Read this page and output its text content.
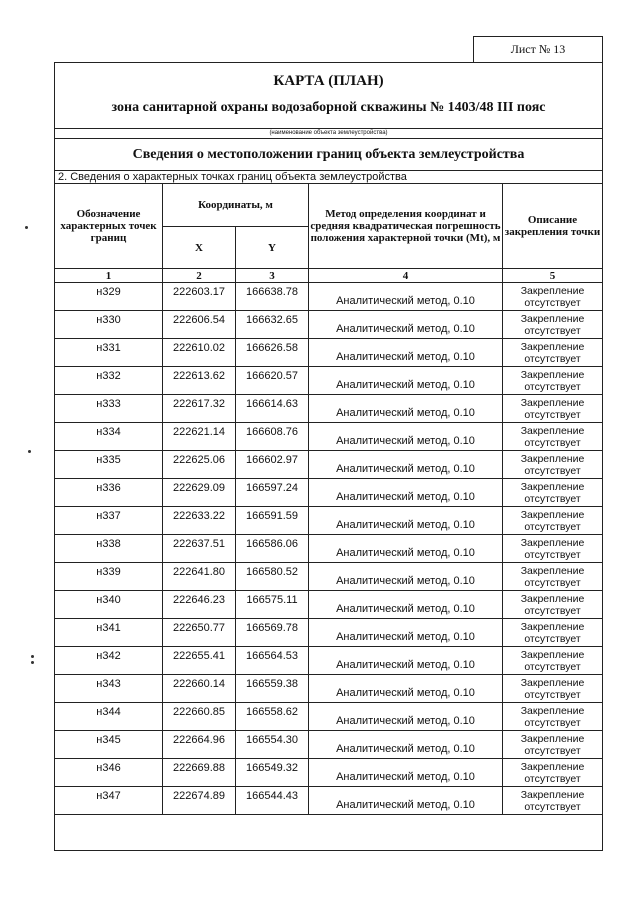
Лист № 13
КАРТА (ПЛАН)
зона санитарной охраны водозаборной скважины № 1403/48 III пояс
(наименование объекта землеустройства)
Сведения о местоположении границ объекта землеустройства
2. Сведения о характерных точках границ объекта землеустройства
Обозначение характерных точек границ	Координаты, м		Метод определения координат и средняя квадратическая погрешность положения характерной точки (Mt), м	Описание закрепления точки
	X	Y		
1	2	3	4	5
н329	222603.17	166638.78	Аналитический метод, 0.10	Закрепление отсутствует
н330	222606.54	166632.65	Аналитический метод, 0.10	Закрепление отсутствует
н331	222610.02	166626.58	Аналитический метод, 0.10	Закрепление отсутствует
н332	222613.62	166620.57	Аналитический метод, 0.10	Закрепление отсутствует
н333	222617.32	166614.63	Аналитический метод, 0.10	Закрепление отсутствует
н334	222621.14	166608.76	Аналитический метод, 0.10	Закрепление отсутствует
н335	222625.06	166602.97	Аналитический метод, 0.10	Закрепление отсутствует
н336	222629.09	166597.24	Аналитический метод, 0.10	Закрепление отсутствует
н337	222633.22	166591.59	Аналитический метод, 0.10	Закрепление отсутствует
н338	222637.51	166586.06	Аналитический метод, 0.10	Закрепление отсутствует
н339	222641.80	166580.52	Аналитический метод, 0.10	Закрепление отсутствует
н340	222646.23	166575.11	Аналитический метод, 0.10	Закрепление отсутствует
н341	222650.77	166569.78	Аналитический метод, 0.10	Закрепление отсутствует
н342	222655.41	166564.53	Аналитический метод, 0.10	Закрепление отсутствует
н343	222660.14	166559.38	Аналитический метод, 0.10	Закрепление отсутствует
н344	222660.85	166558.62	Аналитический метод, 0.10	Закрепление отсутствует
н345	222664.96	166554.30	Аналитический метод, 0.10	Закрепление отсутствует
н346	222669.88	166549.32	Аналитический метод, 0.10	Закрепление отсутствует
н347	222674.89	166544.43	Аналитический метод, 0.10	Закрепление отсутствует
